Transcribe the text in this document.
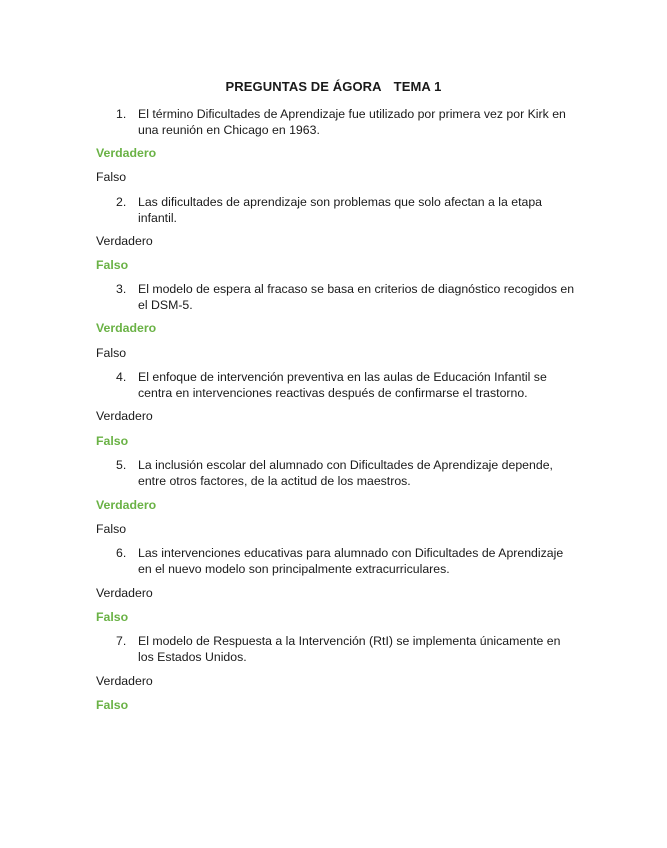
PREGUNTAS DE ÁGORA TEMA 1
1. El término Dificultades de Aprendizaje fue utilizado por primera vez por Kirk en una reunión en Chicago en 1963.
Verdadero
Falso
2. Las dificultades de aprendizaje son problemas que solo afectan a la etapa infantil.
Verdadero
Falso
3. El modelo de espera al fracaso se basa en criterios de diagnóstico recogidos en el DSM-5.
Verdadero
Falso
4. El enfoque de intervención preventiva en las aulas de Educación Infantil se centra en intervenciones reactivas después de confirmarse el trastorno.
Verdadero
Falso
5. La inclusión escolar del alumnado con Dificultades de Aprendizaje depende, entre otros factores, de la actitud de los maestros.
Verdadero
Falso
6. Las intervenciones educativas para alumnado con Dificultades de Aprendizaje en el nuevo modelo son principalmente extracurriculares.
Verdadero
Falso
7. El modelo de Respuesta a la Intervención (RtI) se implementa únicamente en los Estados Unidos.
Verdadero
Falso
